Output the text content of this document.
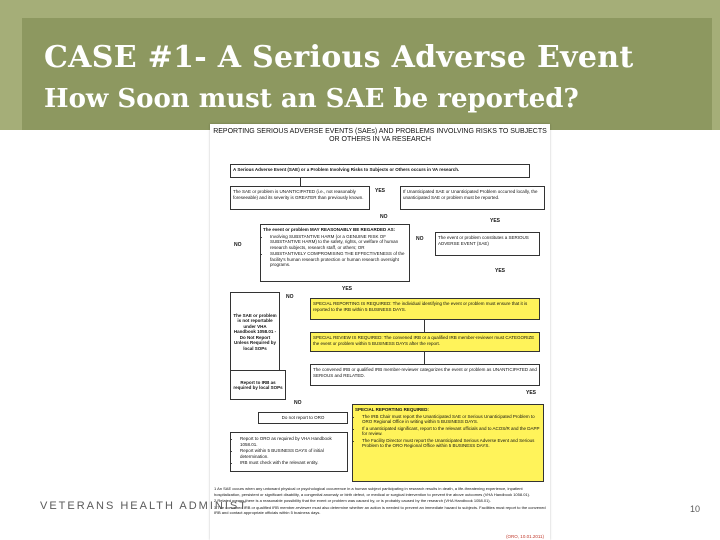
CASE #1- A Serious Adverse Event
How Soon must an SAE be reported?
REPORTING SERIOUS ADVERSE EVENTS (SAEs) AND PROBLEMS INVOLVING RISKS TO SUBJECTS OR OTHERS IN VA RESEARCH
A Serious Adverse Event (SAE) or a Problem Involving Risks to Subjects or Others occurs in VA research.
The SAE or problem is UNANTICIPATED (i.e., not reasonably foreseeable) and its severity is GREATER than previously known.
YES	If Unanticipated SAE or Unanticipated Problem occurred locally, the unanticipated SAE or problem must be reported.
NO
YES
The event or problem MAY REASONABLY BE REGARDED AS:
• Involving SUBSTANTIVE HARM (or a GENUINE RISK OF SUBSTANTIVE HARM) to the safety, rights, or welfare of human research subjects, research staff, or others; OR
• SUBSTANTIVELY COMPROMISING THE EFFECTIVENESS of the facility's human research protection or human research oversight programs.
NO
NO	The event or problem constitutes a SERIOUS ADVERSE EVENT (SAE)
YES
YES
The SAE or problem is not reportable under VHA Handbook 1058.01 - Do Not Report Unless Required by local SOPs
NO
SPECIAL REPORTING IS REQUIRED: The individual identifying the event or problem must ensure that it is reported to the IRB within 5 BUSINESS DAYS.
SPECIAL REVIEW IS REQUIRED: The convened IRB or a qualified IRB member-reviewer must CATEGORIZE the event or problem within 5 BUSINESS DAYS after the report.
The convened IRB or qualified IRB member-reviewer categorizes the event or problem as UNANTICIPATED and SERIOUS and RELATED.
Report to IRB as required by local SOPs
NO
YES
Do not report to ORO
• Report to ORO as required by VHA Handbook 1058.01.
• Report within 5 BUSINESS DAYS of initial determination.
• IRB must check with the relevant entity.
SPECIAL REPORTING REQUIRED:
• The IRB Chair must report the Unanticipated SAE or Serious Unanticipated Problem to ORO Regional Office in writing within 5 BUSINESS DAYS.
• If a unanticipated significant, report to the relevant officials and to ACOS/R and the DAPP for review.
• The Facility Director must report the Unanticipated Serious Adverse Event and Serious Problem to the ORO Regional Office within 5 BUSINESS DAYS.

1 An SAE occurs when any untoward physical or psychological occurrence in a human subject participating in research results in death, a life-threatening experience, inpatient hospitalization, persistent or significant disability, a congenital anomaly or birth defect, or medical or surgical intervention to prevent the above outcomes (VHA Handbook 1058.01).

2 Related means there is a reasonable possibility that the event or problem was caused by, or is probably caused by the research (VHA Handbook 1058.01).

3 The convened IRB or qualified IRB member-reviewer must also determine whether an action is needed to prevent an immediate hazard to subjects. Facilities must report to the convened IRB and contact appropriate officials within 5 business days.

(ORO, 10.01.2011)
VETERANS HEALTH ADMINIST	10
